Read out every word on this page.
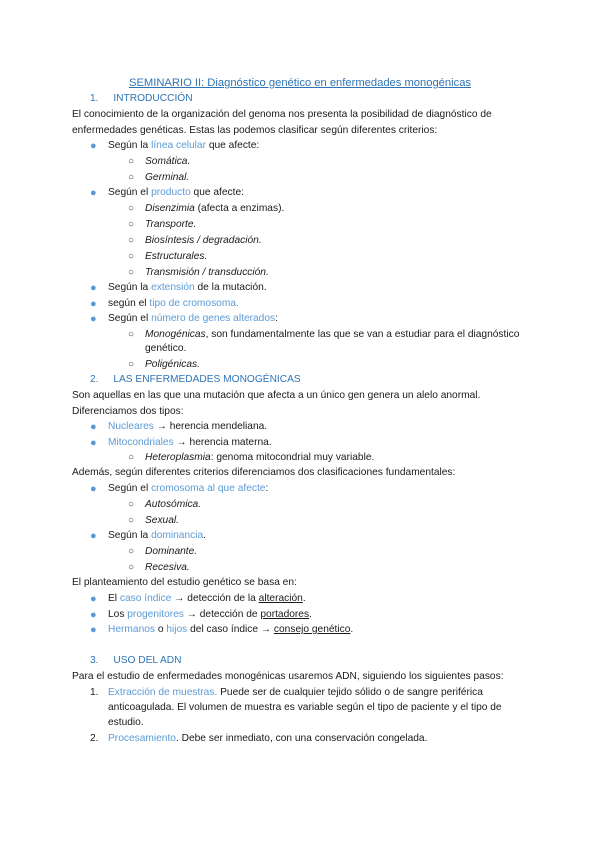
SEMINARIO II: Diagnóstico genético en enfermedades monogénicas
1. INTRODUCCIÓN
El conocimiento de la organización del genoma nos presenta la posibilidad de diagnóstico de
enfermedades genéticas. Estas las podemos clasificar según diferentes criterios:
● Según la línea celular que afecte:
○ Somática.
○ Germinal.
● Según el producto que afecte:
○ Disenzimia (afecta a enzimas).
○ Transporte.
○ Biosíntesis / degradación.
○ Estructurales.
○ Transmisión / transducción.
● Según la extensión de la mutación.
● según el tipo de cromosoma.
● Según el número de genes alterados:
○ Monogénicas, son fundamentalmente las que se van a estudiar para el diagnóstico
genético.
○ Poligénicas.
2. LAS ENFERMEDADES MONOGÉNICAS
Son aquellas en las que una mutación que afecta a un único gen genera un alelo anormal.
Diferenciamos dos tipos:
● Nucleares → herencia mendeliana.
● Mitocondriales → herencia materna.
○ Heteroplasmia: genoma mitocondrial muy variable.
Además, según diferentes criterios diferenciamos dos clasificaciones fundamentales:
● Según el cromosoma al que afecte:
○ Autosómica.
○ Sexual.
● Según la dominancia.
○ Dominante.
○ Recesiva.
El planteamiento del estudio genético se basa en:
● El caso índice → detección de la alteración.
● Los progenitores → detección de portadores.
● Hermanos o hijos del caso índice → consejo genético.
3. USO DEL ADN
Para el estudio de enfermedades monogénicas usaremos ADN, siguiendo los siguientes pasos:
1. Extracción de muestras. Puede ser de cualquier tejido sólido o de sangre periférica
anticoagulada. El volumen de muestra es variable según el tipo de paciente y el tipo de
estudio.
2. Procesamiento. Debe ser inmediato, con una conservación congelada.
